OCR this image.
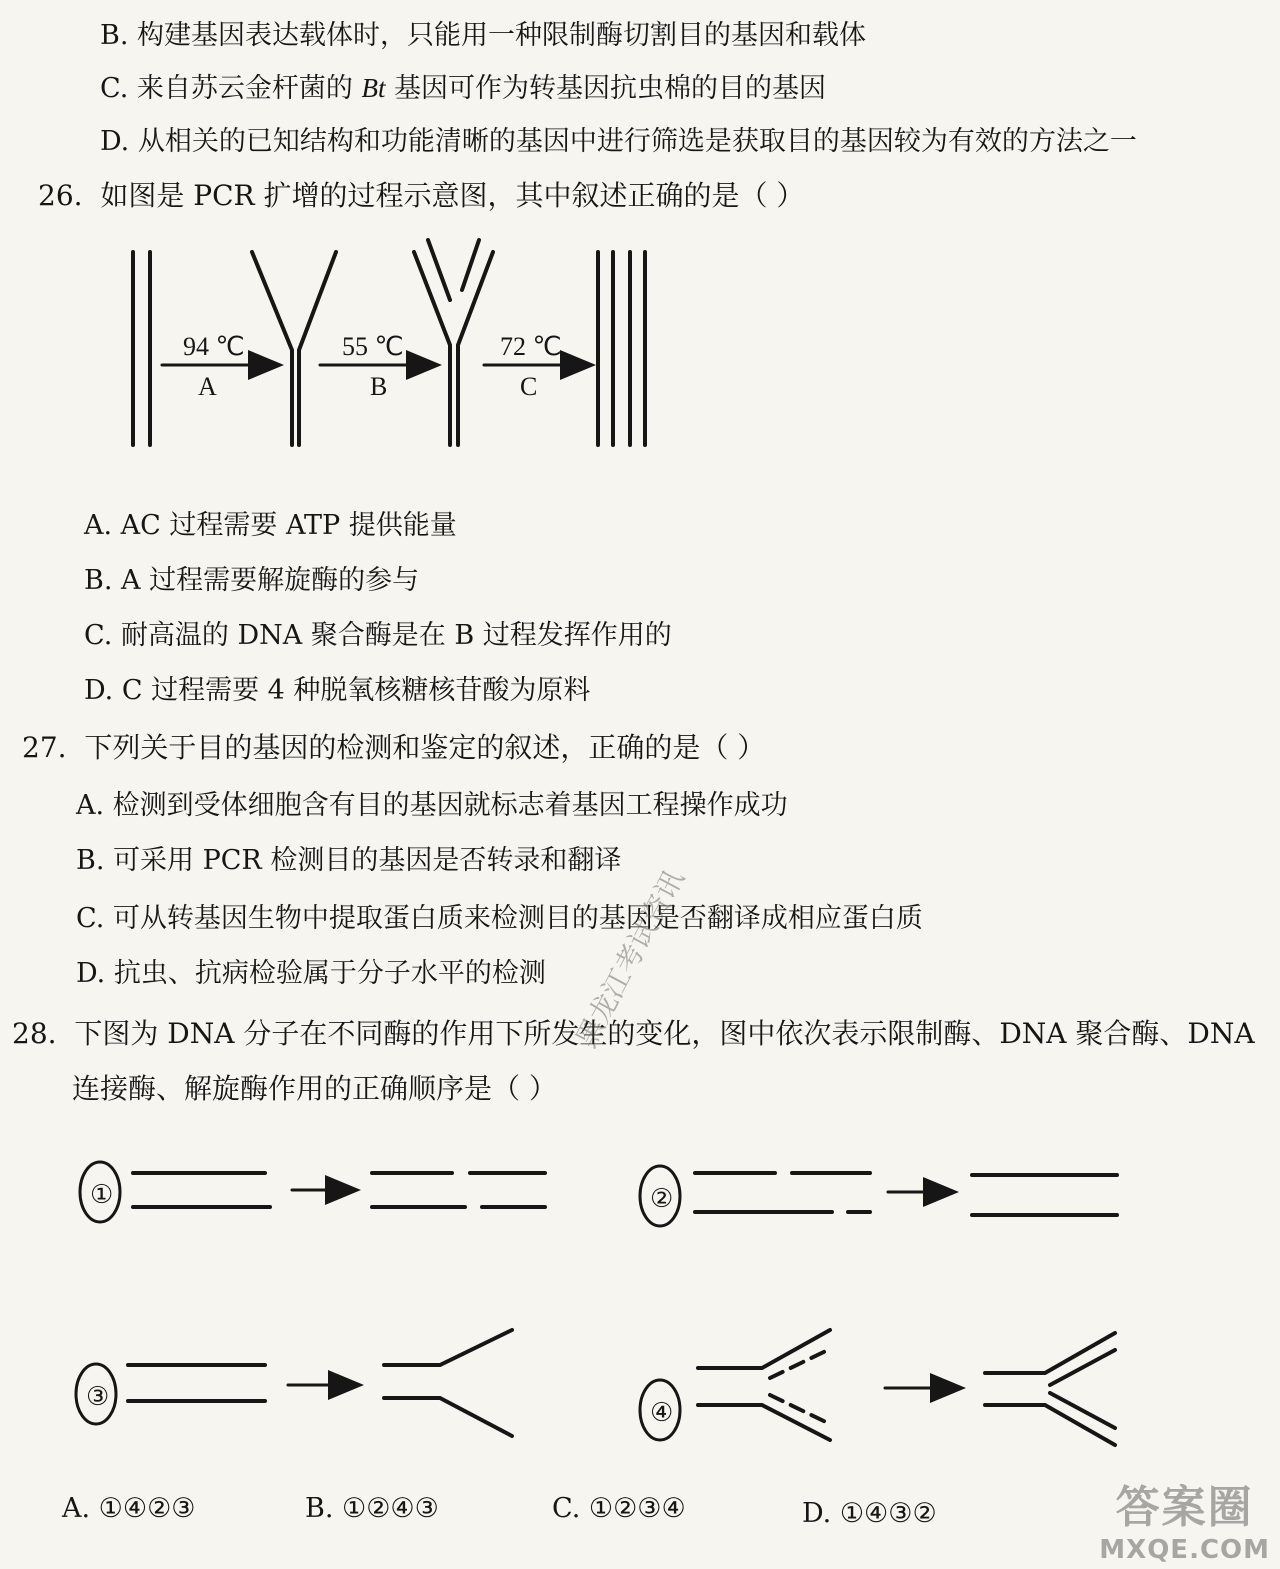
B. 构建基因表达载体时，只能用一种限制酶切割目的基因和载体
C. 来自苏云金杆菌的 Bt 基因可作为转基因抗虫棉的目的基因
D. 从相关的已知结构和功能清晰的基因中进行筛选是获取目的基因较为有效的方法之一
26. 如图是 PCR 扩增的过程示意图，其中叙述正确的是（ ）
94 ℃
A
55 ℃
B
72 ℃
C
①	②
③
④
A. AC 过程需要 ATP 提供能量
B. A 过程需要解旋酶的参与
C. 耐高温的 DNA 聚合酶是在 B 过程发挥作用的
D. C 过程需要 4 种脱氧核糖核苷酸为原料
27. 下列关于目的基因的检测和鉴定的叙述，正确的是（ ）
A. 检测到受体细胞含有目的基因就标志着基因工程操作成功
B. 可采用 PCR 检测目的基因是否转录和翻译
C. 可从转基因生物中提取蛋白质来检测目的基因是否翻译成相应蛋白质
D. 抗虫、抗病检验属于分子水平的检测
28. 下图为 DNA 分子在不同酶的作用下所发生的变化，图中依次表示限制酶、DNA 聚合酶、DNA
连接酶、解旋酶作用的正确顺序是（ ）
A. ①④②③	B. ①②④③	C. ①②③④	D. ①④③②
黑龙江考试资讯
答案圈
MXQE.COM
